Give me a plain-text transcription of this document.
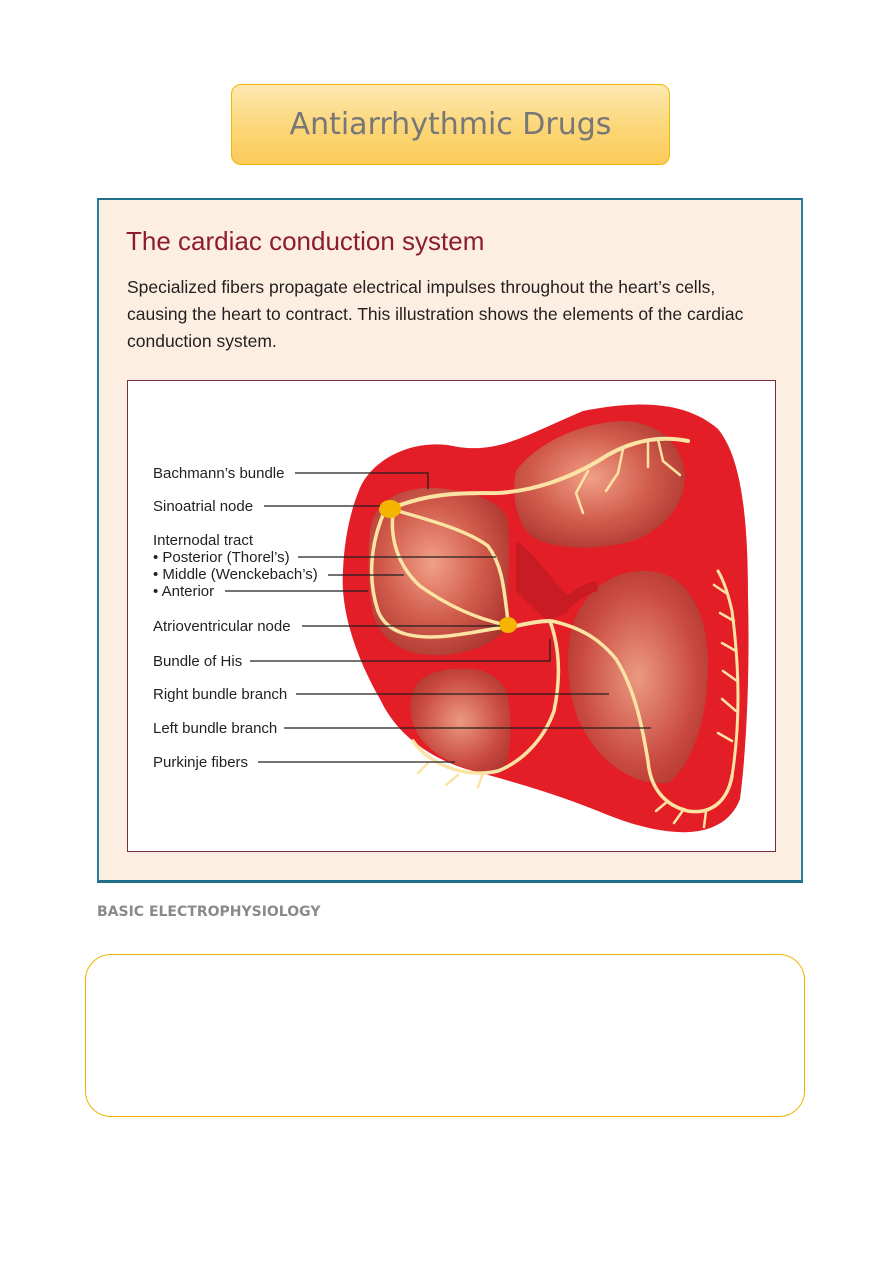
Antiarrhythmic Drugs
The cardiac conduction system

Specialized fibers propagate electrical impulses throughout the heart’s cells, causing the heart to contract. This illustration shows the elements of the cardiac conduction system.

Bachmann’s bundle
Sinoatrial node
Internodal tract
• Posterior (Thorel’s)
• Middle (Wenckebach’s)
• Anterior
Atrioventricular node
Bundle of His
Right bundle branch
Left bundle branch
Purkinje fibers

BASIC ELECTROPHYSIOLOGY
